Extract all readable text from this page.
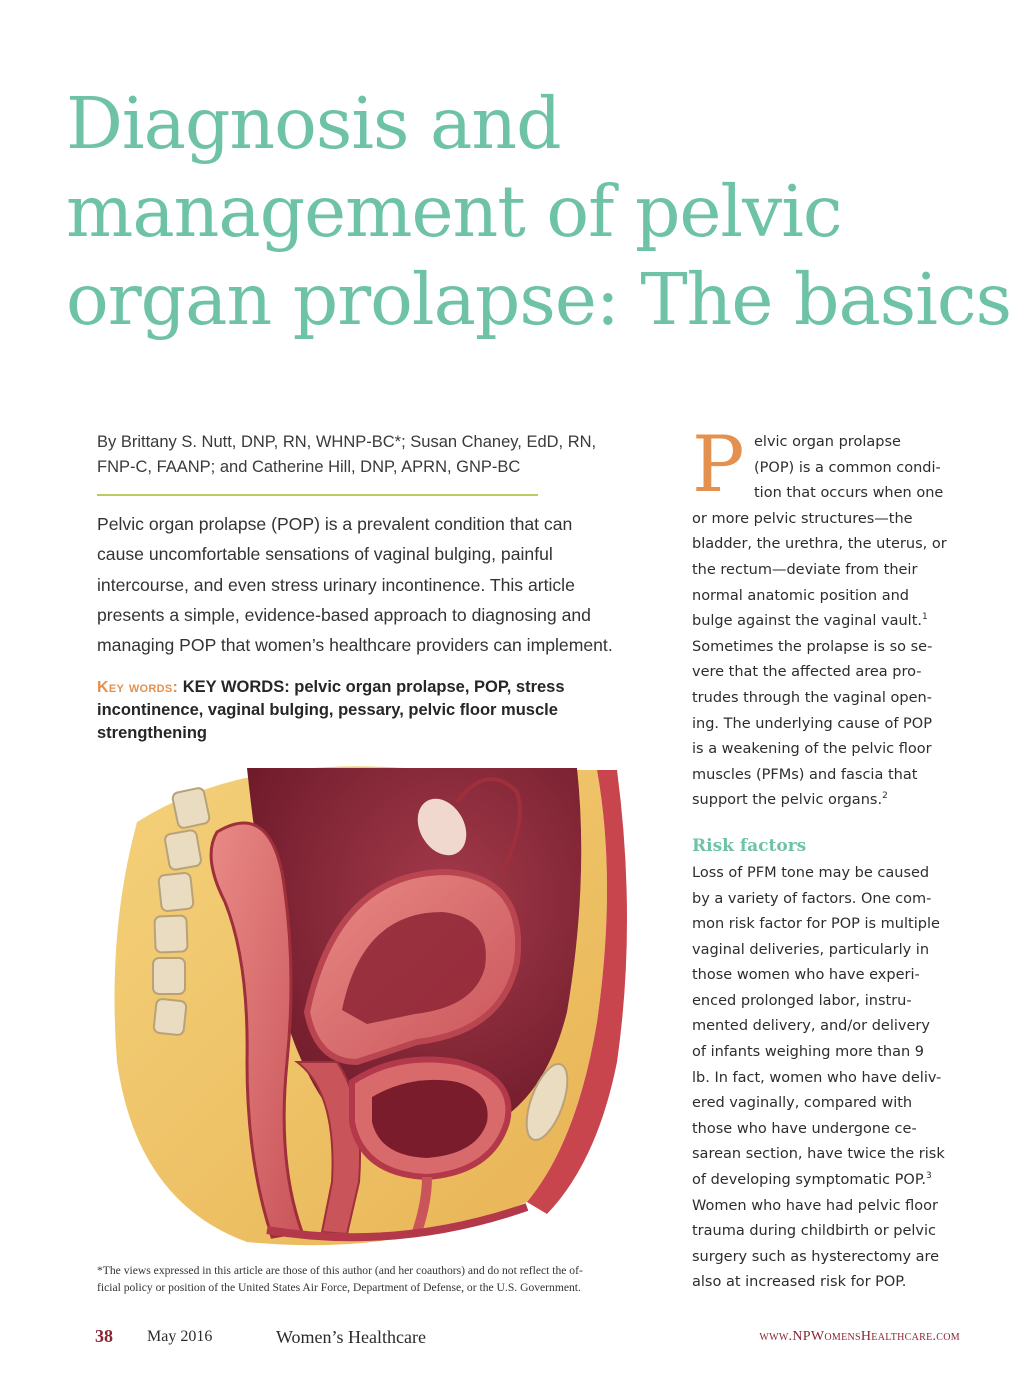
Diagnosis and
management of pelvic
organ prolapse: The basics

By Brittany S. Nutt, DNP, RN, WHNP-BC*; Susan Chaney, EdD, RN,
FNP-C, FAANP; and Catherine Hill, DNP, APRN, GNP-BC

Pelvic organ prolapse (POP) is a prevalent condition that can
cause uncomfortable sensations of vaginal bulging, painful
intercourse, and even stress urinary incontinence. This article
presents a simple, evidence-based approach to diagnosing and
managing POP that women’s healthcare providers can implement.

Key words: KEY WORDS: pelvic organ prolapse, POP, stress
incontinence, vaginal bulging, pessary, pelvic floor muscle
strengthening

*The views expressed in this article are those of this author (and her coauthors) and do not reflect the of-
ficial policy or position of the United States Air Force, Department of Defense, or the U.S. Government.

P elvic organ prolapse
(POP) is a common condi-
tion that occurs when one
or more pelvic structures—the
bladder, the urethra, the uterus, or
the rectum—deviate from their
normal anatomic position and
bulge against the vaginal vault.$^1$
Sometimes the prolapse is so se-
vere that the affected area pro-
trudes through the vaginal open-
ing. The underlying cause of POP
is a weakening of the pelvic floor
muscles (PFMs) and fascia that
support the pelvic organs.$^2$
Risk factors
Loss of PFM tone may be caused
by a variety of factors. One com-
mon risk factor for POP is multiple
vaginal deliveries, particularly in
those women who have experi-
enced prolonged labor, instru-
mented delivery, and/or delivery
of infants weighing more than 9
lb. In fact, women who have deliv-
ered vaginally, compared with
those who have undergone ce-
sarean section, have twice the risk
of developing symptomatic POP.$^3$
Women who have had pelvic floor
trauma during childbirth or pelvic
surgery such as hysterectomy are
also at increased risk for POP.
38 May 2016	Women’s Healthcare	www.NPWomensHealthcare.com
